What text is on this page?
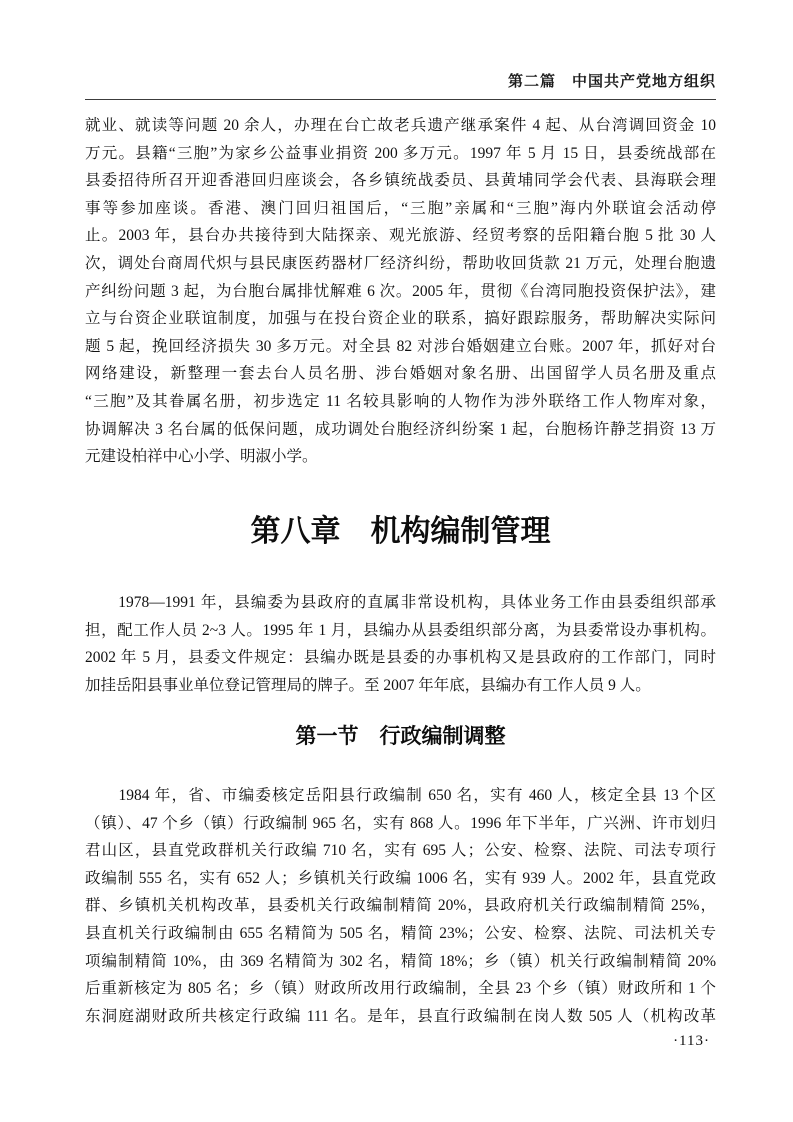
第二篇　中国共产党地方组织
就业、就读等问题 20 余人，办理在台亡故老兵遗产继承案件 4 起、从台湾调回资金 10
万元。县籍“三胞”为家乡公益事业捐资 200 多万元。1997 年 5 月 15 日，县委统战部在
县委招待所召开迎香港回归座谈会，各乡镇统战委员、县黄埔同学会代表、县海联会理
事等参加座谈。香港、澳门回归祖国后，“三胞”亲属和“三胞”海内外联谊会活动停
止。2003 年，县台办共接待到大陆探亲、观光旅游、经贸考察的岳阳籍台胞 5 批 30 人
次，调处台商周代炽与县民康医药器材厂经济纠纷，帮助收回货款 21 万元，处理台胞遗
产纠纷问题 3 起，为台胞台属排忧解难 6 次。2005 年，贯彻《台湾同胞投资保护法》，建
立与台资企业联谊制度，加强与在投台资企业的联系，搞好跟踪服务，帮助解决实际问
题 5 起，挽回经济损失 30 多万元。对全县 82 对涉台婚姻建立台账。2007 年，抓好对台
网络建设，新整理一套去台人员名册、涉台婚姻对象名册、出国留学人员名册及重点
“三胞”及其眷属名册，初步选定 11 名较具影响的人物作为涉外联络工作人物库对象，
协调解决 3 名台属的低保问题，成功调处台胞经济纠纷案 1 起，台胞杨许静芝捐资 13 万
元建设柏祥中心小学、明淑小学。
第八章　机构编制管理
　　1978—1991 年，县编委为县政府的直属非常设机构，具体业务工作由县委组织部承
担，配工作人员 2~3 人。1995 年 1 月，县编办从县委组织部分离，为县委常设办事机构。
2002 年 5 月，县委文件规定：县编办既是县委的办事机构又是县政府的工作部门，同时
加挂岳阳县事业单位登记管理局的牌子。至 2007 年年底，县编办有工作人员 9 人。
第一节　行政编制调整
　　1984 年，省、市编委核定岳阳县行政编制 650 名，实有 460 人，核定全县 13 个区
（镇）、47 个乡（镇）行政编制 965 名，实有 868 人。1996 年下半年，广兴洲、许市划归
君山区，县直党政群机关行政编 710 名，实有 695 人；公安、检察、法院、司法专项行
政编制 555 名，实有 652 人；乡镇机关行政编 1006 名，实有 939 人。2002 年，县直党政
群、乡镇机关机构改革，县委机关行政编制精简 20%，县政府机关行政编制精简 25%，
县直机关行政编制由 655 名精简为 505 名，精简 23%；公安、检察、法院、司法机关专
项编制精简 10%，由 369 名精简为 302 名，精简 18%；乡（镇）机关行政编制精简 20%
后重新核定为 805 名；乡（镇）财政所改用行政编制，全县 23 个乡（镇）财政所和 1 个
东洞庭湖财政所共核定行政编 111 名。是年，县直行政编制在岗人数 505 人（机构改革
·113·
